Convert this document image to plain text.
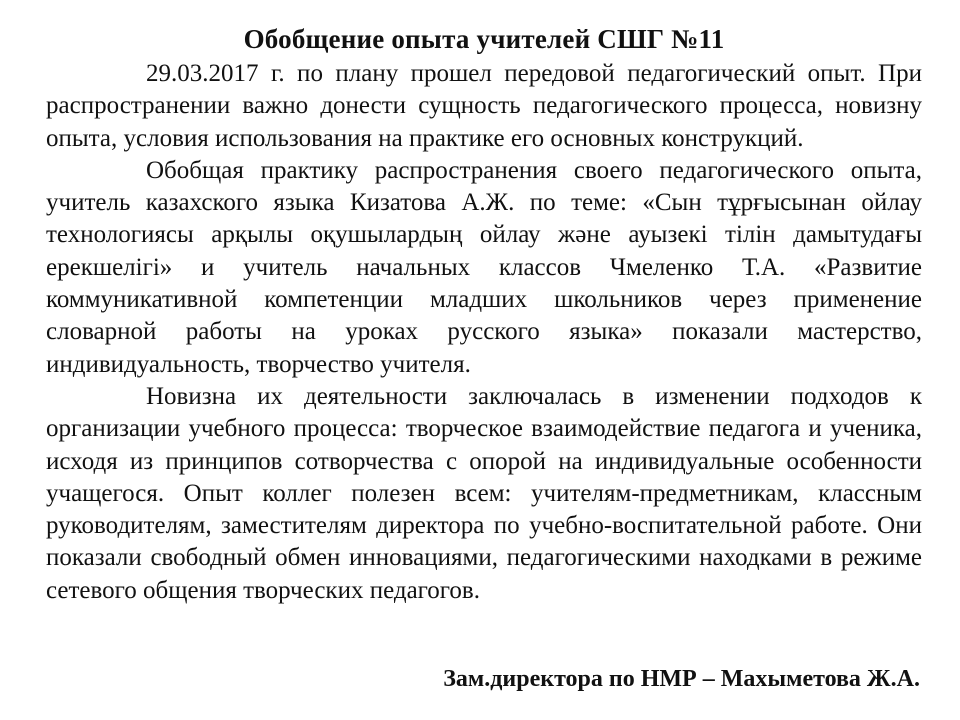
Обобщение опыта учителей СШГ №11

29.03.2017 г. по плану прошел передовой педагогический опыт. При распространении важно донести сущность педагогического процесса, новизну опыта, условия использования на практике его основных конструкций.

Обобщая практику распространения своего педагогического опыта, учитель казахского языка Кизатова А.Ж. по теме: «Сын тұрғысынан ойлау технологиясы арқылы оқушылардың ойлау және ауызекі тілін дамытудағы ерекшелігі» и учитель начальных классов Чмеленко Т.А. «Развитие коммуникативной компетенции младших школьников через применение словарной работы на уроках русского языка» показали мастерство, индивидуальность, творчество учителя.

Новизна их деятельности заключалась в изменении подходов к организации учебного процесса: творческое взаимодействие педагога и ученика, исходя из принципов сотворчества с опорой на индивидуальные особенности учащегося. Опыт коллег полезен всем: учителям-предметникам, классным руководителям, заместителям директора по учебно-воспитательной работе. Они показали свободный обмен инновациями, педагогическими находками в режиме сетевого общения творческих педагогов.

Зам.директора по НМР – Махыметова Ж.А.
